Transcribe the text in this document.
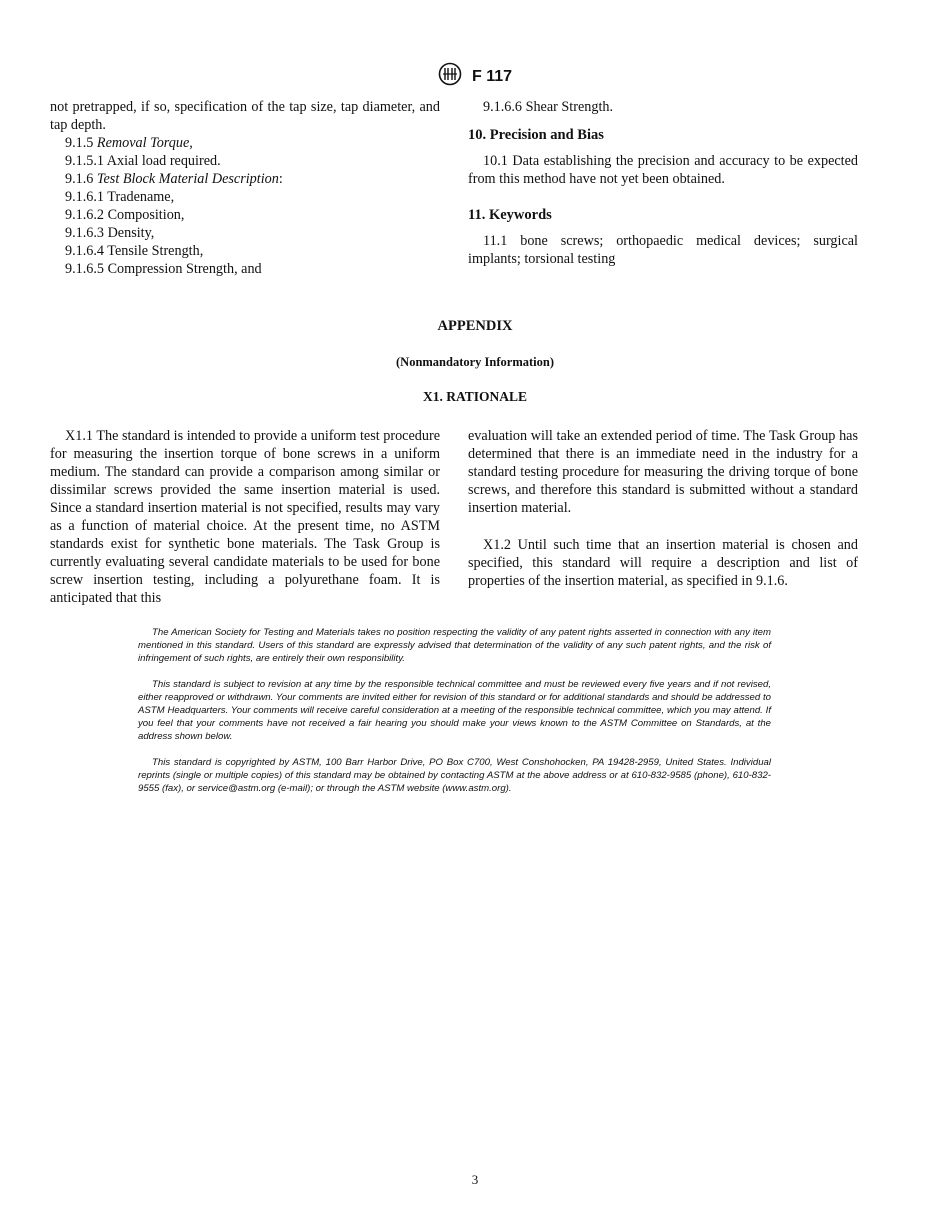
F 117

not pretrapped, if so, specification of the tap size, tap diameter, and tap depth.

9.1.5 Removal Torque,

9.1.5.1 Axial load required.

9.1.6 Test Block Material Description:

9.1.6.1 Tradename,

9.1.6.2 Composition,

9.1.6.3 Density,

9.1.6.4 Tensile Strength,

9.1.6.5 Compression Strength, and

9.1.6.6 Shear Strength.

10. Precision and Bias

10.1 Data establishing the precision and accuracy to be expected from this method have not yet been obtained.

11. Keywords

11.1 bone screws; orthopaedic medical devices; surgical implants; torsional testing

APPENDIX
(Nonmandatory Information)
X1. RATIONALE

X1.1 The standard is intended to provide a uniform test procedure for measuring the insertion torque of bone screws in a uniform medium. The standard can provide a comparison among similar or dissimilar screws provided the same insertion material is used. Since a standard insertion material is not specified, results may vary as a function of material choice. At the present time, no ASTM standards exist for synthetic bone materials. The Task Group is currently evaluating several candidate materials to be used for bone screw insertion testing, including a polyurethane foam. It is anticipated that this

evaluation will take an extended period of time. The Task Group has determined that there is an immediate need in the industry for a standard testing procedure for measuring the driving torque of bone screws, and therefore this standard is submitted without a standard insertion material.

X1.2 Until such time that an insertion material is chosen and specified, this standard will require a description and list of properties of the insertion material, as specified in 9.1.6.

The American Society for Testing and Materials takes no position respecting the validity of any patent rights asserted in connection with any item mentioned in this standard. Users of this standard are expressly advised that determination of the validity of any such patent rights, and the risk of infringement of such rights, are entirely their own responsibility.

This standard is subject to revision at any time by the responsible technical committee and must be reviewed every five years and if not revised, either reapproved or withdrawn. Your comments are invited either for revision of this standard or for additional standards and should be addressed to ASTM Headquarters. Your comments will receive careful consideration at a meeting of the responsible technical committee, which you may attend. If you feel that your comments have not received a fair hearing you should make your views known to the ASTM Committee on Standards, at the address shown below.

This standard is copyrighted by ASTM, 100 Barr Harbor Drive, PO Box C700, West Conshohocken, PA 19428-2959, United States. Individual reprints (single or multiple copies) of this standard may be obtained by contacting ASTM at the above address or at 610-832-9585 (phone), 610-832-9555 (fax), or service@astm.org (e-mail); or through the ASTM website (www.astm.org).

3
